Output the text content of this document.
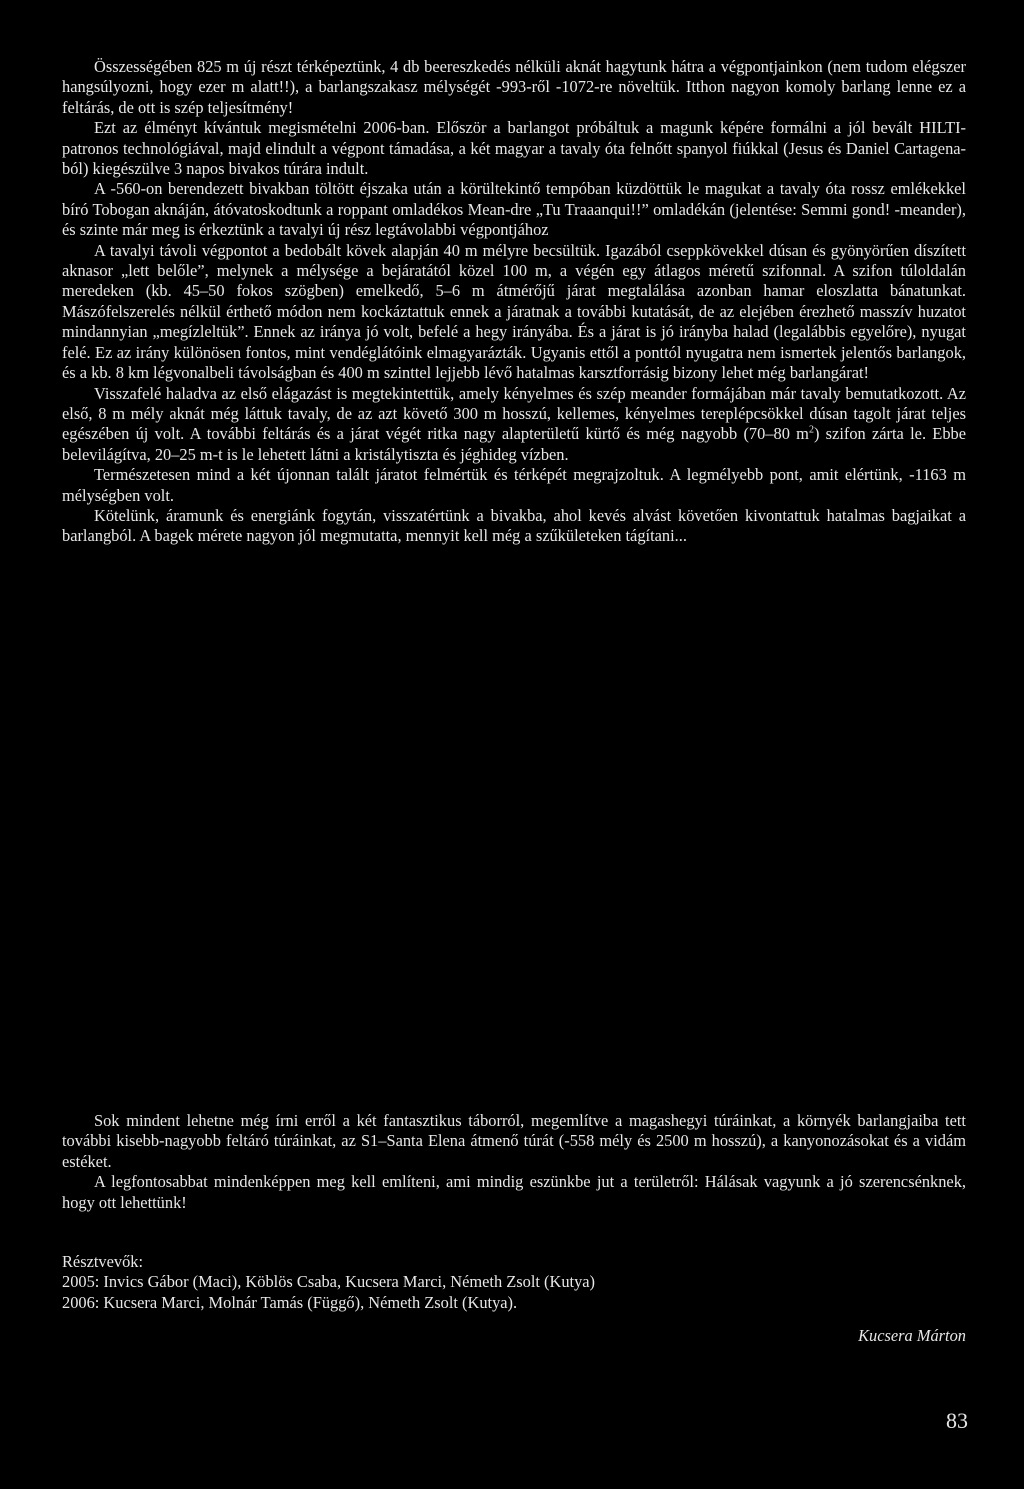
Összességében 825 m új részt térképeztünk, 4 db beereszkedés nélküli aknát hagytunk hátra a végpontjainkon (nem tudom elégszer hangsúlyozni, hogy ezer m alatt!!), a barlangszakasz mélységét -993-ről -1072-re növeltük. Itthon nagyon komoly barlang lenne ez a feltárás, de ott is szép teljesítmény!

Ezt az élményt kívántuk megismételni 2006-ban. Először a barlangot próbáltuk a magunk képére formálni a jól bevált HILTI-patronos technológiával, majd elindult a végpont támadása, a két magyar a tavaly óta felnőtt spanyol fiúkkal (Jesus és Daniel Cartagena-ból) kiegészülve 3 napos bivakos túrára indult.

A -560-on berendezett bivakban töltött éjszaka után a körültekintő tempóban küzdöttük le magukat a tavaly óta rossz emlékekkel bíró Tobogan aknáján, átóvatoskodtunk a roppant omladékos Mean-dre „Tu Traaanqui!!” omladékán (jelentése: Semmi gond! -meander), és szinte már meg is érkeztünk a tavalyi új rész legtávolabbi végpontjához

A tavalyi távoli végpontot a bedobált kövek alapján 40 m mélyre becsültük. Igazából cseppkövekkel dúsan és gyönyörűen díszített aknasor „lett belőle”, melynek a mélysége a bejáratától közel 100 m, a végén egy átlagos méretű szifonnal. A szifon túloldalán meredeken (kb. 45–50 fokos szögben) emelkedő, 5–6 m átmérőjű járat megtalálása azonban hamar eloszlatta bánatunkat. Mászófelszerelés nélkül érthető módon nem kockáztattuk ennek a járatnak a további kutatását, de az elejében érezhető masszív huzatot mindannyian „megízleltük”. Ennek az iránya jó volt, befelé a hegy irányába. És a járat is jó irányba halad (legalábbis egyelőre), nyugat felé. Ez az irány különösen fontos, mint vendéglátóink elmagyarázták. Ugyanis ettől a ponttól nyugatra nem ismertek jelentős barlangok, és a kb. 8 km légvonalbeli távolságban és 400 m szinttel lejjebb lévő hatalmas karsztforrásig bizony lehet még barlangárat!

Visszafelé haladva az első elágazást is megtekintettük, amely kényelmes és szép meander formájában már tavaly bemutatkozott. Az első, 8 m mély aknát még láttuk tavaly, de az azt követő 300 m hosszú, kellemes, kényelmes tereplépcsökkel dúsan tagolt járat teljes egészében új volt. A további feltárás és a járat végét ritka nagy alapterületű kürtő és még nagyobb (70–80 $m^2$) szifon zárta le. Ebbe belevilágítva, 20–25 m-t is le lehetett látni a kristálytiszta és jéghideg vízben.

Természetesen mind a két újonnan talált járatot felmértük és térképét megrajzoltuk. A legmélyebb pont, amit elértünk, -1163 m mélységben volt.

Kötelünk, áramunk és energiánk fogytán, visszatértünk a bivakba, ahol kevés alvást követően kivontattuk hatalmas bagjaikat a barlangból. A bagek mérete nagyon jól megmutatta, mennyit kell még a szűkületeken tágítani...

Sok mindent lehetne még írni erről a két fantasztikus táborról, megemlítve a magashegyi túráinkat, a környék barlangjaiba tett további kisebb-nagyobb feltáró túráinkat, az S1–Santa Elena átmenő túrát (-558 mély és 2500 m hosszú), a kanyonozásokat és a vidám estéket.

A legfontosabbat mindenképpen meg kell említeni, ami mindig eszünkbe jut a területről: Hálásak vagyunk a jó szerencsénknek, hogy ott lehettünk!

Résztvevők:
2005: Invics Gábor (Maci), Köblös Csaba, Kucsera Marci, Németh Zsolt (Kutya)
2006: Kucsera Marci, Molnár Tamás (Függő), Németh Zsolt (Kutya).
Kucsera Márton
83
